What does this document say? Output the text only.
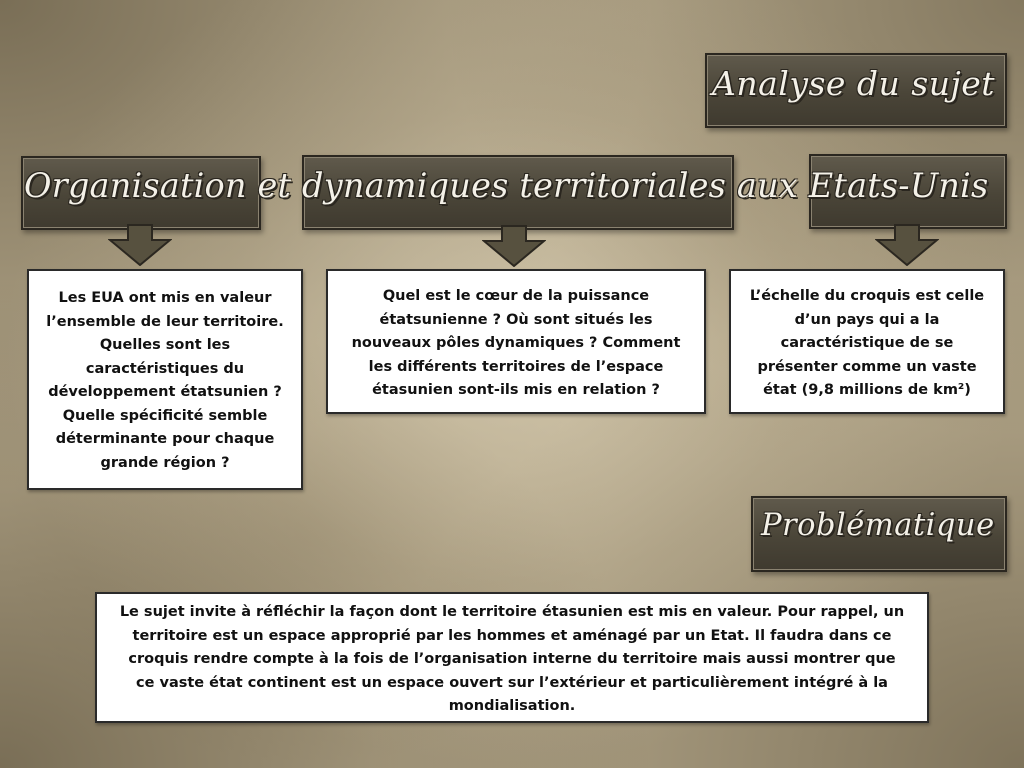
Analyse du sujet
Organisation et dynamiques territoriales aux Etats-Unis
Les EUA ont mis en valeur l’ensemble de leur territoire. Quelles sont les caractéristiques du développement étatsunien ? Quelle spécificité semble déterminante pour chaque grande région ?
Quel est le cœur de la puissance étatsunienne ? Où sont situés les nouveaux pôles dynamiques ? Comment les différents territoires de l’espace étasunien sont-ils mis en relation ?
L’échelle du croquis est celle d’un pays qui a la caractéristique de se présenter comme un vaste état (9,8 millions de km²)
Problématique
Le sujet invite à réfléchir la façon dont le territoire étasunien est mis en valeur. Pour rappel, un territoire est un espace approprié par les hommes et aménagé par un Etat. Il faudra dans ce croquis rendre compte à la fois de l’organisation interne du territoire mais aussi montrer que ce vaste état continent est un espace ouvert sur l’extérieur et particulièrement intégré à la mondialisation.
